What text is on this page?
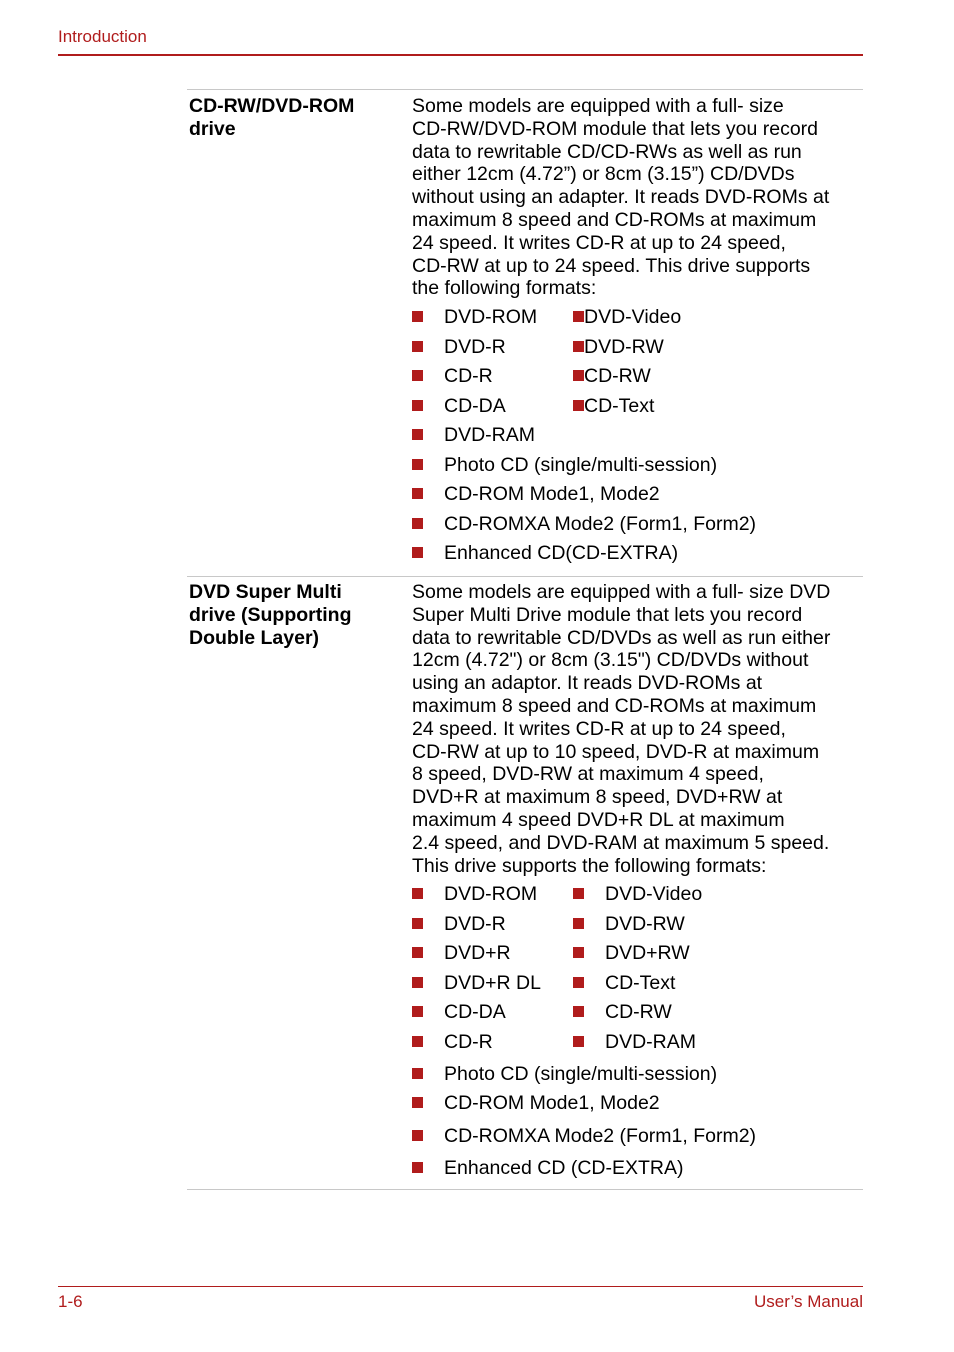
Introduction
CD-RW/DVD-ROM
drive

Some models are equipped with a full- size
CD-RW/DVD-ROM module that lets you record
data to rewritable CD/CD-RWs as well as run
either 12cm (4.72”) or 8cm (3.15”) CD/DVDs
without using an adapter. It reads DVD-ROMs at
maximum 8 speed and CD-ROMs at maximum
24 speed. It writes CD-R at up to 24 speed,
CD-RW at up to 24 speed. This drive supports
the following formats:

DVD-ROM
DVD-R
CD-R
CD-DA
DVD-RAM
DVD-Video
DVD-RW
CD-RW
CD-Text
Photo CD (single/multi-session)
CD-ROM Mode1, Mode2
CD-ROMXA Mode2 (Form1, Form2)
Enhanced CD(CD-EXTRA)
DVD Super Multi
drive (Supporting
Double Layer)

Some models are equipped with a full- size DVD
Super Multi Drive module that lets you record
data to rewritable CD/DVDs as well as run either
12cm (4.72") or 8cm (3.15") CD/DVDs without
using an adaptor. It reads DVD-ROMs at
maximum 8 speed and CD-ROMs at maximum
24 speed. It writes CD-R at up to 24 speed,
CD-RW at up to 10 speed, DVD-R at maximum
8 speed, DVD-RW at maximum 4 speed,
DVD+R at maximum 8 speed, DVD+RW at
maximum 4 speed DVD+R DL at maximum
2.4 speed, and DVD-RAM at maximum 5 speed.
This drive supports the following formats:

DVD-ROM
DVD-R
DVD+R
DVD+R DL
CD-DA
CD-R
DVD-Video
DVD-RW
DVD+RW
CD-Text
CD-RW
DVD-RAM
Photo CD (single/multi-session)
CD-ROM Mode1, Mode2
CD-ROMXA Mode2 (Form1, Form2)
Enhanced CD (CD-EXTRA)
1-6	User’s Manual
